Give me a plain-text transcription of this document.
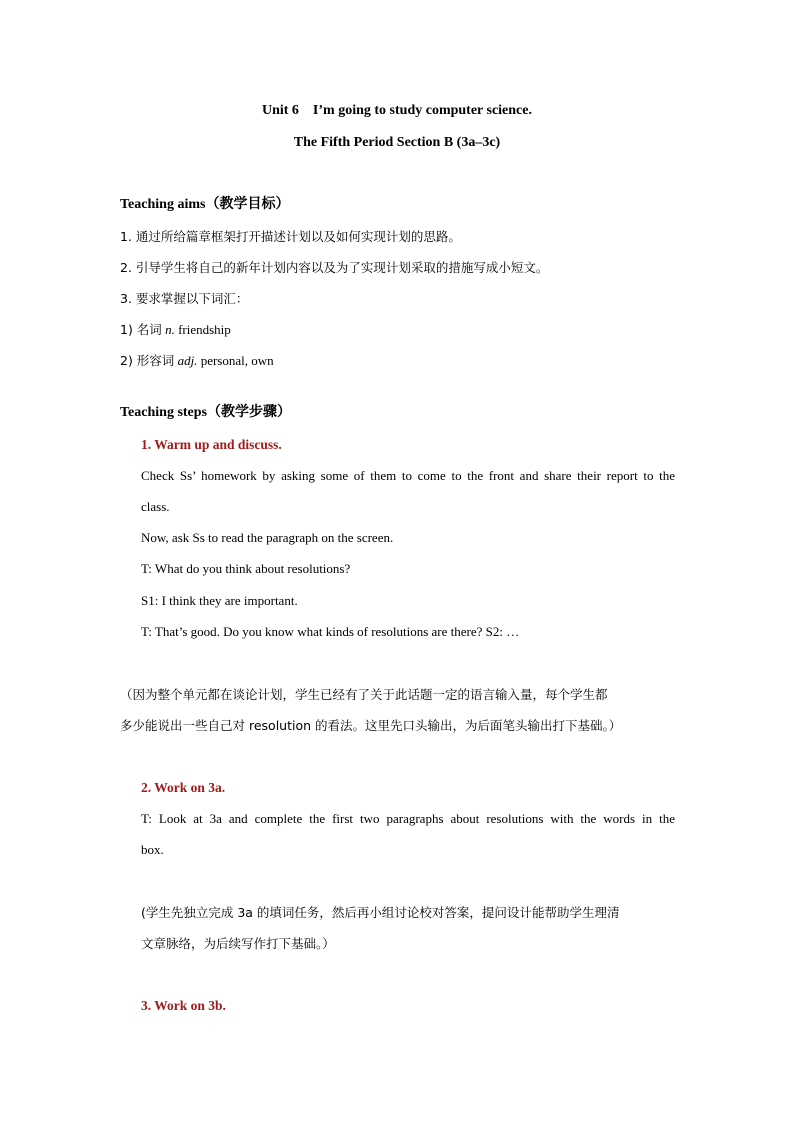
Unit 6　I’m going to study computer science.
The Fifth Period Section B (3a–3c)
Teaching aims（教学目标）
1. 通过所给篇章框架打开描述计划以及如何实现计划的思路。
2. 引导学生将自己的新年计划内容以及为了实现计划采取的措施写成小短文。
3. 要求掌握以下词汇：
1) 名词 n. friendship
2) 形容词 adj. personal, own
Teaching steps（教学步骤）
1. Warm up and discuss.
Check Ss’ homework by asking some of them to come to the front and share their report to the
class.
Now, ask Ss to read the paragraph on the screen.
T: What do you think about resolutions?
S1: I think they are important.
T: That’s good. Do you know what kinds of resolutions are there? S2: …
（因为整个单元都在谈论计划，学生已经有了关于此话题一定的语言输入量，每个学生都
多少能说出一些自己对 resolution 的看法。这里先口头输出，为后面笔头输出打下基础。）
2. Work on 3a.
T: Look at 3a and complete the first two paragraphs about resolutions with the words in the
box.
(学生先独立完成 3a 的填词任务，然后再小组讨论校对答案，提问设计能帮助学生理清
文章脉络，为后续写作打下基础。）
3. Work on 3b.
